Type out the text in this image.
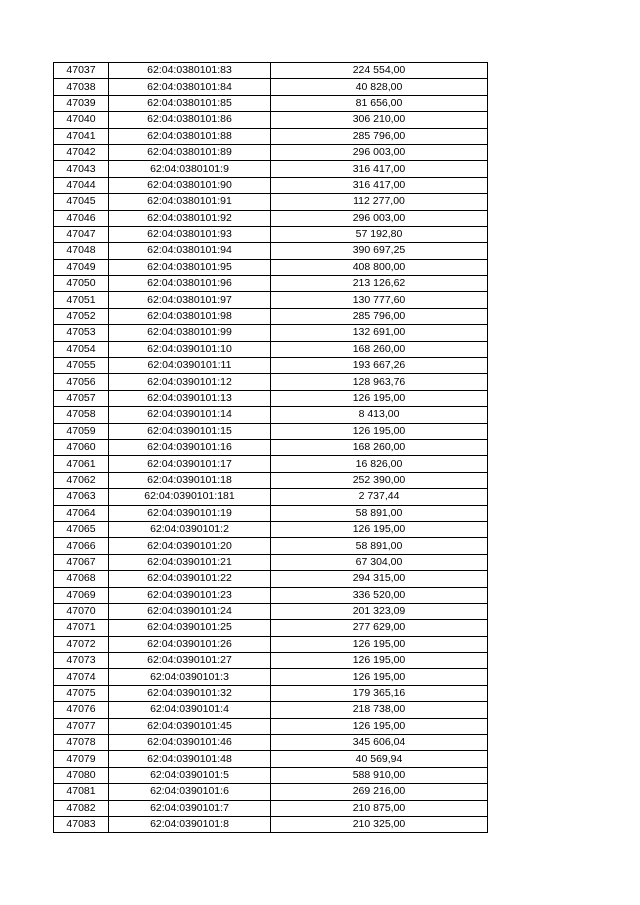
47037	62:04:0380101:83	224 554,00
47038	62:04:0380101:84	40 828,00
47039	62:04:0380101:85	81 656,00
47040	62:04:0380101:86	306 210,00
47041	62:04:0380101:88	285 796,00
47042	62:04:0380101:89	296 003,00
47043	62:04:0380101:9	316 417,00
47044	62:04:0380101:90	316 417,00
47045	62:04:0380101:91	112 277,00
47046	62:04:0380101:92	296 003,00
47047	62:04:0380101:93	57 192,80
47048	62:04:0380101:94	390 697,25
47049	62:04:0380101:95	408 800,00
47050	62:04:0380101:96	213 126,62
47051	62:04:0380101:97	130 777,60
47052	62:04:0380101:98	285 796,00
47053	62:04:0380101:99	132 691,00
47054	62:04:0390101:10	168 260,00
47055	62:04:0390101:11	193 667,26
47056	62:04:0390101:12	128 963,76
47057	62:04:0390101:13	126 195,00
47058	62:04:0390101:14	8 413,00
47059	62:04:0390101:15	126 195,00
47060	62:04:0390101:16	168 260,00
47061	62:04:0390101:17	16 826,00
47062	62:04:0390101:18	252 390,00
47063	62:04:0390101:181	2 737,44
47064	62:04:0390101:19	58 891,00
47065	62:04:0390101:2	126 195,00
47066	62:04:0390101:20	58 891,00
47067	62:04:0390101:21	67 304,00
47068	62:04:0390101:22	294 315,00
47069	62:04:0390101:23	336 520,00
47070	62:04:0390101:24	201 323,09
47071	62:04:0390101:25	277 629,00
47072	62:04:0390101:26	126 195,00
47073	62:04:0390101:27	126 195,00
47074	62:04:0390101:3	126 195,00
47075	62:04:0390101:32	179 365,16
47076	62:04:0390101:4	218 738,00
47077	62:04:0390101:45	126 195,00
47078	62:04:0390101:46	345 606,04
47079	62:04:0390101:48	40 569,94
47080	62:04:0390101:5	588 910,00
47081	62:04:0390101:6	269 216,00
47082	62:04:0390101:7	210 875,00
47083	62:04:0390101:8	210 325,00
